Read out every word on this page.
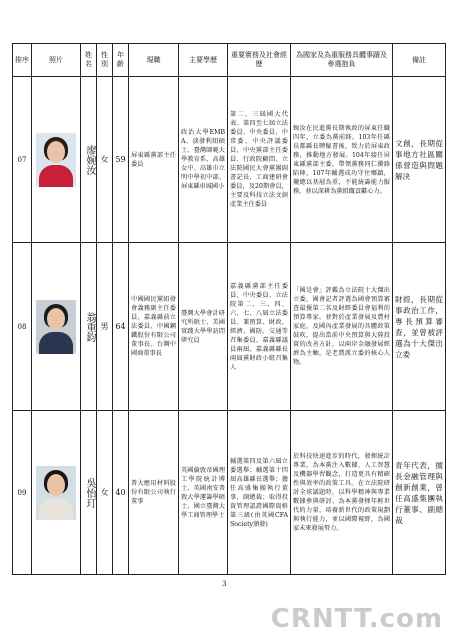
排序	照片	姓名	性別	年齡	現職	主要學歷	重要實務及社會經歷	為國家及為重服務具體事蹟及參選抱負	備註
07		廖婉汝	女	59	屏東縣黨部主任委員	政治大學EMBA、淡發利組碩士、臺灣師範大學教育系、高雄女中、高雄市立明中學初中部、屏東縣車城國小	第二、三屆國大代表、第四至七屆立法委員、中央委員、中常委、中央評議委員、中央黨部主任委員、行政院顧問、立法院國民大會黨團副書記長、工商建研會委員，及20期會員，主要及科技立法文創產業主任委員	婉汝在民進黨長期執政的屏東任職四年，立委為黨前鋒。103年任縣長都縣長聘僱書後，致力於屏東政務，推動地方發展。104年接任屏東縣黨部主委，帶領黨務同仁衝鋒陷陣，107年輔選成功守住鄉鎮，攏總以基層為重，不能統籌能力服務，並以深耕為黨組織貢獻心力。	文創，長期從事地方社區關係營造與問題解決
08		翁重鈞	男	64	中國國民黨組發會義務副主任委員、嘉義縣前立法委員、中國鋼鐵股份有限公司董事長、台灣中國商董事長	臺灣大學會計研究所碩士、美國實踐大學學訪問研究員	嘉義縣黨部主任委員、中央委員、立法院第二、三、四、六、七、八屆立法委員、兼預算、財政、經濟、國防、交通等召集委員、嘉義縣議員兩屆、嘉義縣縣長兩屆黨財政小組召集人	「國是會」評鑑為立法院十大傑出立委，國會記者評選為國會預算審查最優第二名及財經委員會福利的預算專家。並對於產業發展及農村家庭，及國內產業發展的具體政策鼓吹，提出當前中央預算與大陸投資的改善方針，以兩岸金融發展經濟為主軸，是老農派立委的核心人物。	財經，長期從事政治工作，專長預算審查，並曾被評選為十大傑出立委
09		吳怡玎	女	40	普大應用材料股份有限公司執行董事	英國倫敦帝國理工學院統計博士、英國南安普敦大學運籌學碩士、國立臺灣大學工商管理學士	輔選第四及第六屆立委選舉；輔選第十四屆高雄縣長選舉；擔任高盛集團執行董事、副總裁；取得投資管理認證國際資格第三級(由英國CFA Society頒發)	於科技快速進步的時代，發揮統計專業，為本黨注入數據、人工智慧及機器學習觀念，打造更具有精確性與效率的政策工具。在立法院研討全球議題時，以科學精神與專業數據參與研討、為本黨發揮年輕世代的力量，培養新世代的政策規劃與執行能力，並以國際視野，為國家未來發展努力。	青年代表，擅長金融管理與創新創業，曾任高盛集團執行董事、副總裁
3
CRNTT.com
